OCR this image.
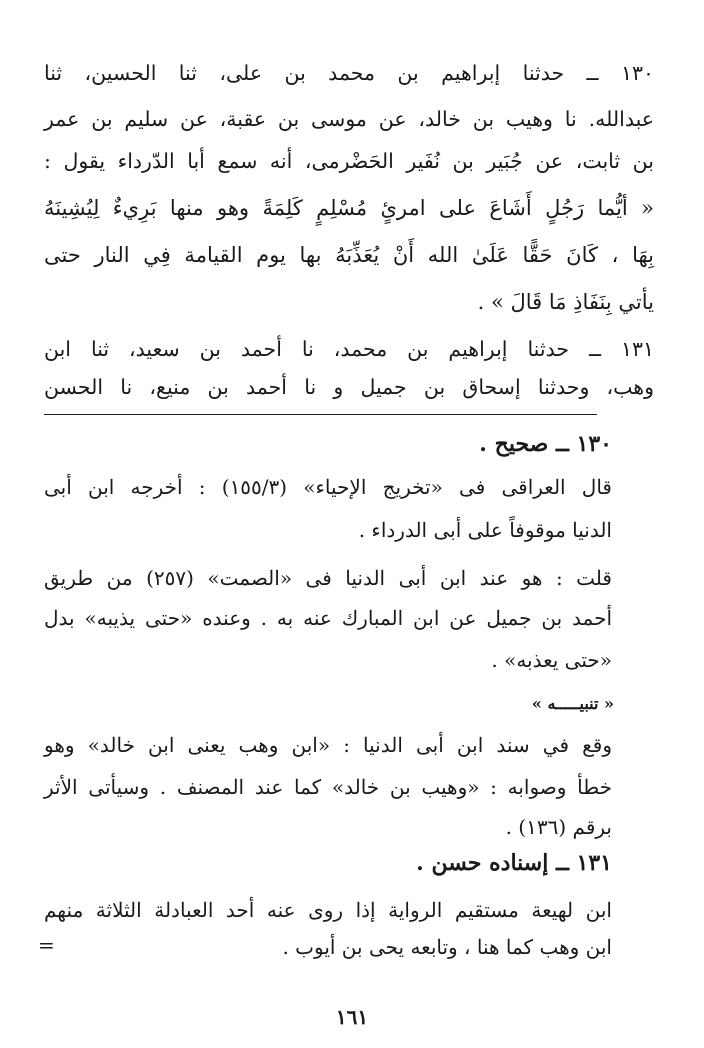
١٣٠ ــ حدثنا إبراهيم بن محمد بن على، ثنا الحسين، ثنا
عبدالله. نا وهيب بن خالد، عن موسى بن عقبة، عن سليم بن عمر
بن ثابت، عن جُبَير بن نُفَير الحَضْرمى، أنه سمع أبا الدّرداء يقول :
« أيُّما رَجُلٍ أَشَاعَ على امرئٍ مُسْلِمٍ كَلِمَةً وهو منها بَرِيءٌ لِيُشِينَهُ
بِهَا ، كَانَ حَقًّا عَلَىٰ الله أَنْ يُعَذِّبَهُ بها يوم القيامة فِي النار حتى
يأتي بِنَفَاذِ مَا قَالَ » .
١٣١ ــ حدثنا إبراهيم بن محمد، نا أحمد بن سعيد، ثنا ابن
وهب، وحدثنا إسحاق بن جميل و نا أحمد بن منيع، نا الحسن
١٣٠ ــ صحيح .
قال العراقى فى «تخريج الإحياء» (١٥٥/٣) : أخرجه ابن أبى
الدنيا موقوفاً على أبى الدرداء .
قلت : هو عند ابن أبى الدنيا فى «الصمت» (٢٥٧) من طريق
أحمد بن جميل عن ابن المبارك عنه به . وعنده «حتى يذيبه» بدل
«حتى يعذبه» .
« تنبيـــــه »
وقع في سند ابن أبى الدنيا : «ابن وهب يعنى ابن خالد» وهو
خطأ وصوابه : «وهيب بن خالد» كما عند المصنف . وسيأتى الأثر
برقم (١٣٦) .
١٣١ ــ إسناده حسن .
ابن لهيعة مستقيم الرواية إذا روى عنه أحد العبادلة الثلاثة منهم
ابن وهب كما هنا ، وتابعه يحى بن أيوب .
=
١٦١
